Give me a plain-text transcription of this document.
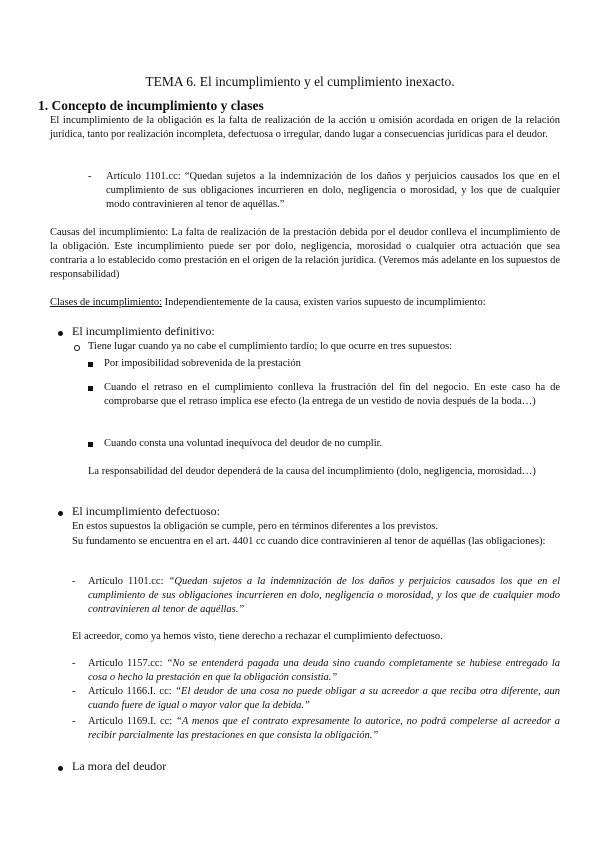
TEMA 6. El incumplimiento y el cumplimiento inexacto.
1. Concepto de incumplimiento y clases
El incumplimiento de la obligación es la falta de realización de la acción u omisión acordada en origen de la relación jurídica, tanto por realización incompleta, defectuosa o irregular, dando lugar a consecuencias jurídicas para el deudor.
- Artículo 1101.cc: “Quedan sujetos a la indemnización de los daños y perjuicios causados los que en el cumplimiento de sus obligaciones incurrieren en dolo, negligencia o morosidad, y los que de cualquier modo contravinieren al tenor de aquéllas.”
Causas del incumplimiento: La falta de realización de la prestación debida por el deudor conlleva el incumplimiento de la obligación. Este incumplimiento puede ser por dolo, negligencia, morosidad o cualquier otra actuación que sea contraria a lo establecido como prestación en el origen de la relación jurídica. (Veremos más adelante en los supuestos de responsabilidad)
Clases de incumplimiento: Independientemente de la causa, existen varios supuesto de incumplimiento:
El incumplimiento definitivo:
Tiene lugar cuando ya no cabe el cumplimiento tardío; lo que ocurre en tres supuestos:
Por imposibilidad sobrevenida de la prestación
Cuando el retraso en el cumplimiento conlleva la frustración del fin del negocio. En este caso ha de comprobarse que el retraso implica ese efecto (la entrega de un vestido de novia después de la boda…)
Cuando consta una voluntad inequívoca del deudor de no cumplir.
La responsabilidad del deudor dependerá de la causa del incumplimiento (dolo, negligencia, morosidad…)
El incumplimiento defectuoso:
En estos supuestos la obligación se cumple, pero en términos diferentes a los previstos.
Su fundamento se encuentra en el art. 4401 cc cuando dice contravinieren al tenor de aquéllas (las obligaciones):
- Artículo 1101.cc: “Quedan sujetos a la indemnización de los daños y perjuicios causados los que en el cumplimiento de sus obligaciones incurrieren en dolo, negligencia o morosidad, y los que de cualquier modo contravinieren al tenor de aquéllas.”
El acreedor, como ya hemos visto, tiene derecho a rechazar el cumplimiento defectuoso.
- Artículo 1157.cc: “No se entenderá pagada una deuda sino cuando completamente se hubiese entregado la cosa o hecho la prestación en que la obligación consistía.”
- Artículo 1166.I. cc: “El deudor de una cosa no puede obligar a su acreedor a que reciba otra diferente, aun cuando fuere de igual o mayor valor que la debida.”
- Artículo 1169.I. cc: “A menos que el contrato expresamente lo autorice, no podrá compelerse al acreedor a recibir parcialmente las prestaciones en que consista la obligación.”
La mora del deudor
